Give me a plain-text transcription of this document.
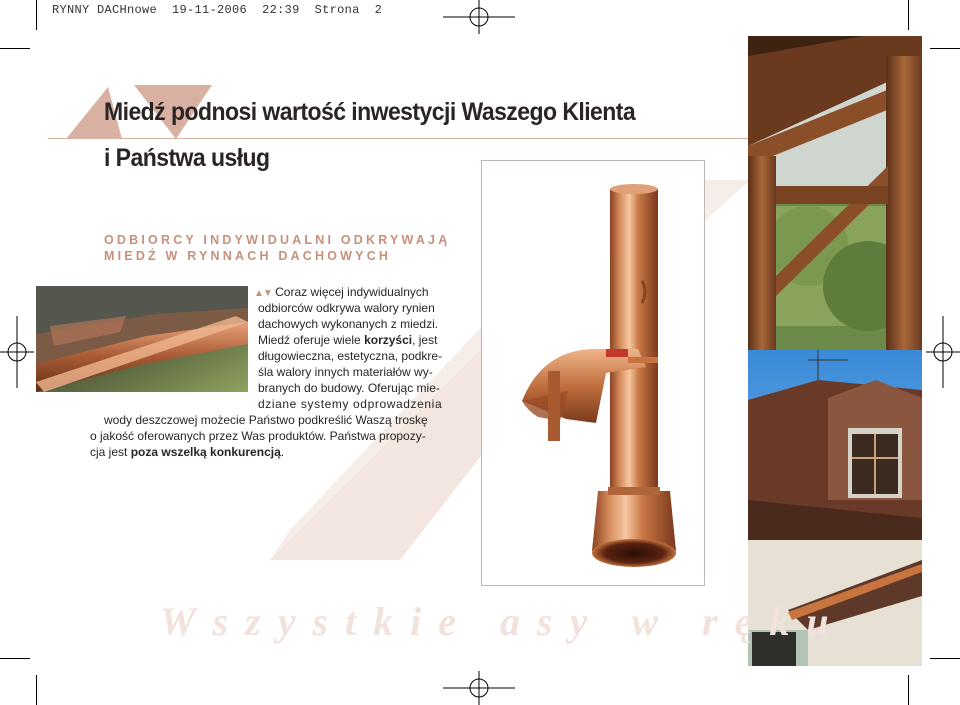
RYNNY DACHnowe 19-11-2006 22:39 Strona 2
Miedź podnosi wartość inwestycji Waszego Klienta
i Państwa usług
ODBIORCY INDYWIDUALNI ODKRYWAJĄ
MIEDŹ W RYNNACH DACHOWYCH
▲▼ Coraz więcej indywidualnych
odbiorców odkrywa walory rynien
dachowych wykonanych z miedzi.
Miedź oferuje wiele korzyści, jest
długowieczna, estetyczna, podkre-
śla walory innych materiałów wy-
branych do budowy. Oferując mie-
dziane systemy odprowadzenia
wody deszczowej możecie Państwo podkreślić Waszą troskę
o jakość oferowanych przez Was produktów. Państwa propozy-
cja jest poza wszelką konkurencją.
Wszystkie asy w ręku
